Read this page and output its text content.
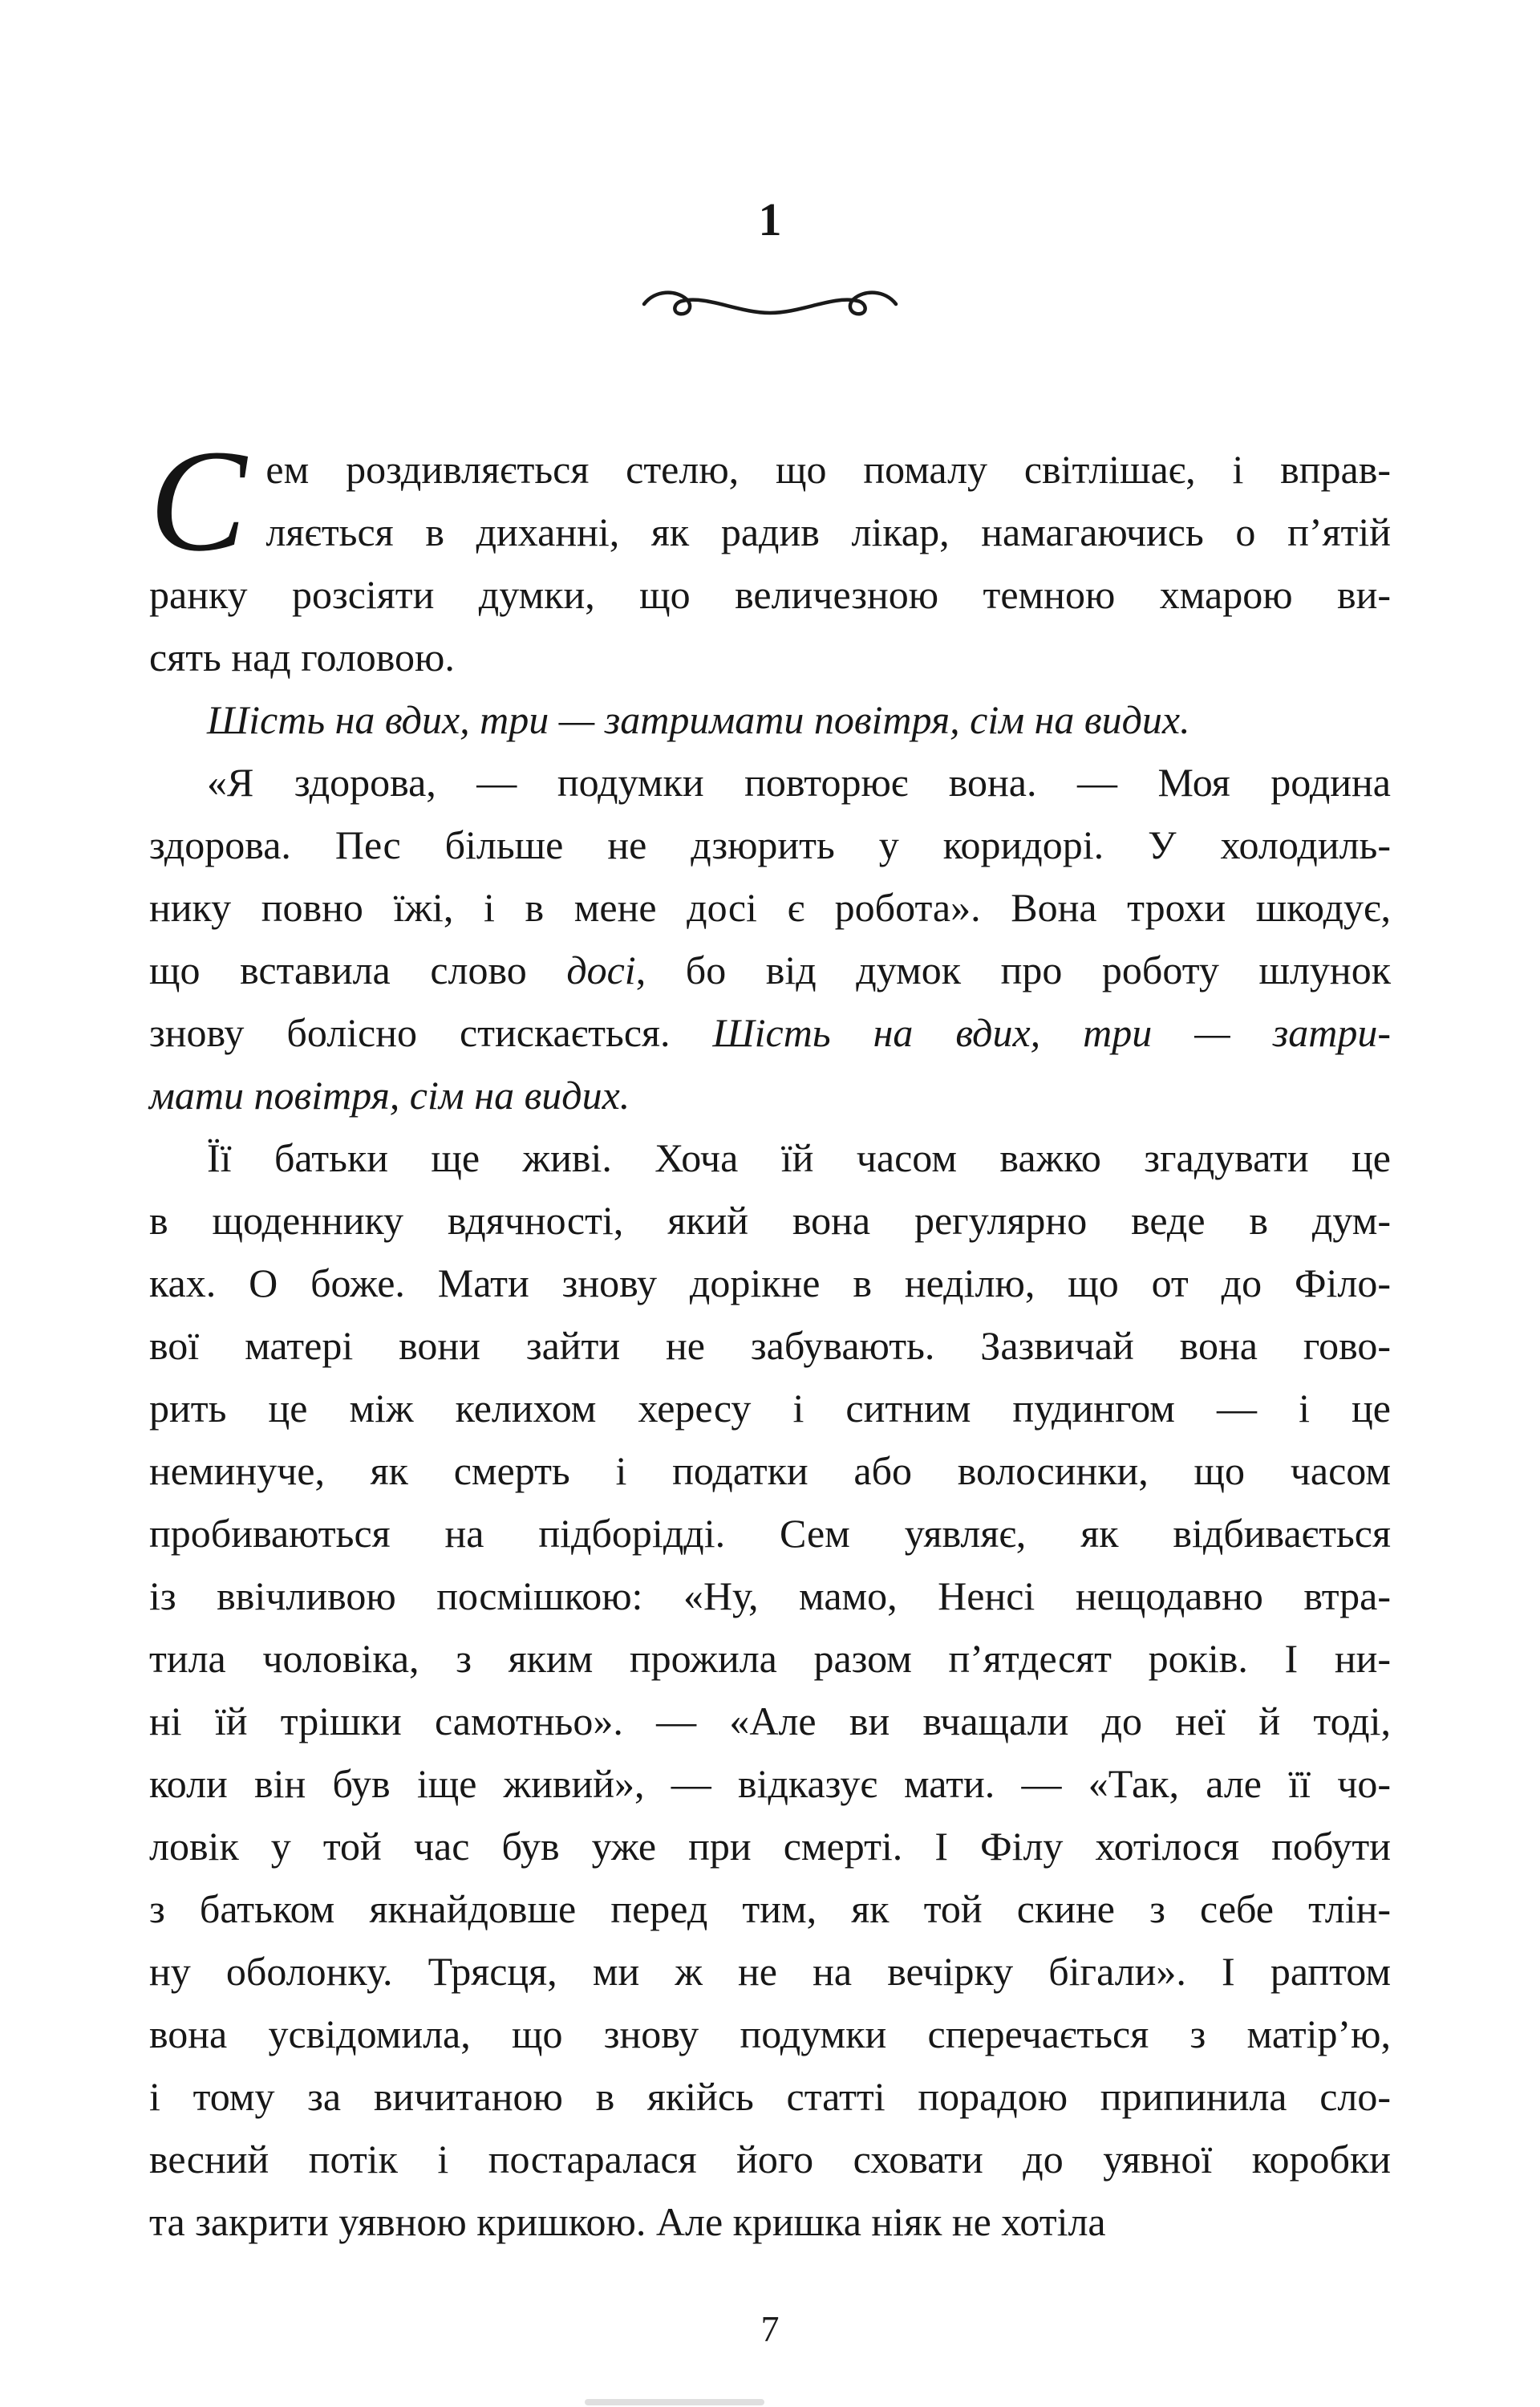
1
С ем роздивляється стелю, що помалу світлішає, і вправ-
ляється в диханні, як радив лікар, намагаючись о п’ятій
ранку розсіяти думки, що величезною темною хмарою ви-
сять над головою.
Шість на вдих, три — затримати повітря, сім на видих.
«Я здорова, — подумки повторює вона. — Моя родина
здорова. Пес більше не дзюрить у коридорі. У холодиль-
нику повно їжі, і в мене досі є робота». Вона трохи шкодує,
що вставила слово досі, бо від думок про роботу шлунок
знову болісно стискається. Шість на вдих, три — затри-
мати повітря, сім на видих.
Її батьки ще живі. Хоча їй часом важко згадувати це
в щоденнику вдячності, який вона регулярно веде в дум-
ках. О боже. Мати знову дорікне в неділю, що от до Філо-
вої матері вони зайти не забувають. Зазвичай вона гово-
рить це між келихом хересу і ситним пудингом — і це
неминуче, як смерть і податки або волосинки, що часом
пробиваються на підборідді. Сем уявляє, як відбивається
із ввічливою посмішкою: «Ну, мамо, Ненсі нещодавно втра-
тила чоловіка, з яким прожила разом п’ятдесят років. І ни-
ні їй трішки самотньо». — «Але ви вчащали до неї й тоді,
коли він був іще живий», — відказує мати. — «Так, але її чо-
ловік у той час був уже при смерті. І Філу хотілося побути
з батьком якнайдовше перед тим, як той скине з себе тлін-
ну оболонку. Трясця, ми ж не на вечірку бігали». І раптом
вона усвідомила, що знову подумки сперечається з матір’ю,
і тому за вичитаною в якійсь статті порадою припинила сло-
весний потік і постаралася його сховати до уявної коробки
та закрити уявною кришкою. Але кришка ніяк не хотіла
7
